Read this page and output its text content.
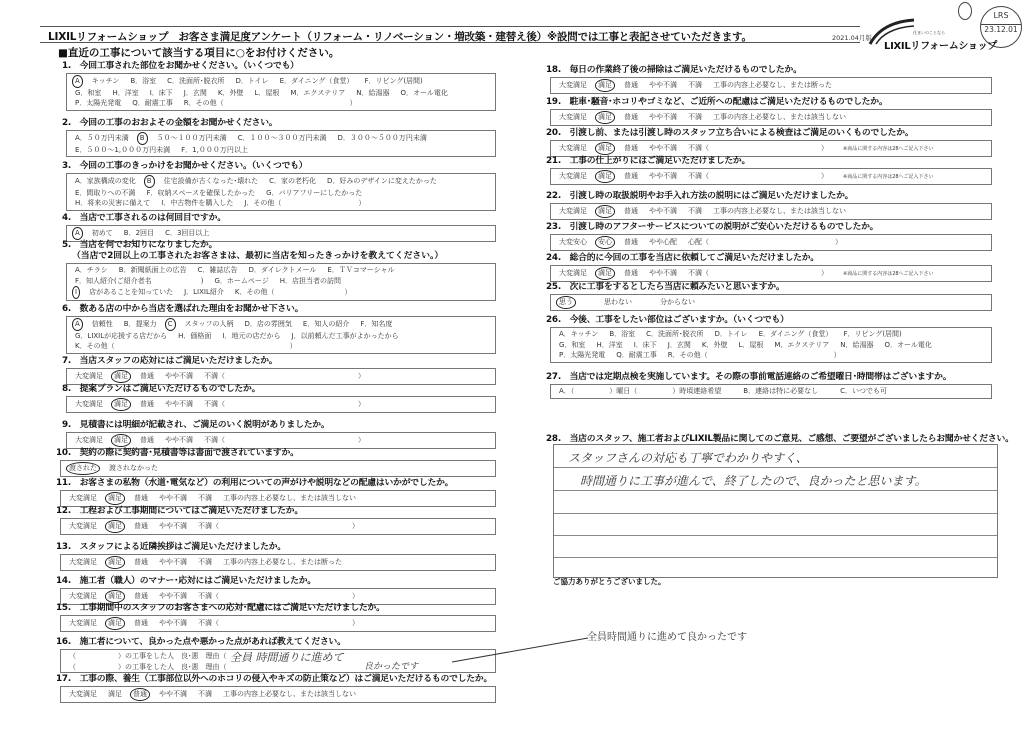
LIXILリフォームショップ　お客さま満足度アンケート（リフォーム・リノベーション・増改築・建替え後）※設問では工事と表記させていただきます。	2021.04月版
住まいのことなら
LIXILリフォームショップ
LRS
23.12.01
■直近の工事について該当する項目に○をお付けください。
1.　今回工事された部位をお聞かせください。（いくつでも）
A キッチン B．浴室 C．洗面所･脱衣所 D．トイレ E．ダイニング（食堂） F．リビング(居間)
G．和室 H．洋室 I．床下 J．玄関 K．外壁 L．屋根 M．エクステリア N．給湯器 O．オール電化
P．太陽光発電 Q．耐震工事 R．その他（　　　　　　　　　　　　　　　　　　）
2.　今回の工事のおおよその金額をお聞かせください。
A．５０万円未満 B ５０～１００万円未満 C．１００～３００万円未満 D．３００～５００万円未満
E．５００～1,０００万円未満 F．1,０００万円以上
3.　今回の工事のきっかけをお聞かせください。（いくつでも）
A．家族構成の変化 B 住宅設備が古くなった･壊れた C．家の老朽化 D．好みのデザインに変えたかった
E．間取りへの不満 F．収納スペースを確保したかった G．バリアフリーにしたかった
H．将来の災害に備えて I．中古物件を購入した J．その他（　　　　　　　　　　　）
4.　当店で工事されるのは何回目ですか。
A 初めて B．2回目 C．3回目以上
5.　当店を何でお知りになりましたか。
（当店で2回以上の工事されたお客さまは、最初に当店を知ったきっかけを教えてください。）
A．チラシ B．新聞紙面上の広告 C．雑誌広告 D．ダイレクトメール E．ＴＶコマーシャル
F．知人紹介(ご紹介者名　　　　　　　) G．ホームページ H．店担当者の訪問
I 店があることを知っていた J．LIXIL紹介 K．その他（　　　　　　　　　　）
6.　数ある店の中から当店を選ばれた理由をお聞かせ下さい。
A 信頼性 B．提案力 C スタッフの人柄 D．店の雰囲気 E．知人の紹介 F．知名度
G．LIXILが応援する店だから H．価格面 I．地元の店だから J．以前頼んだ工事がよかったから
K．その他（　　　　　　　　　　　　　　　　　　　　　　　　　）
7.　当店スタッフの応対にはご満足いただけましたか。
大変満足 満足 普通 やや不満 不満（　　　　　　　　　　　　　　　　　　　）
8.　提案プランはご満足いただけるものでしたか。
大変満足 満足 普通 やや不満 不満（　　　　　　　　　　　　　　　　　　　）
9.　見積書には明細が記載され、ご満足のいく説明がありましたか。
大変満足 満足 普通 やや不満 不満（　　　　　　　　　　　　　　　　　　　）
10.　契約の際に契約書･見積書等は書面で渡されていますか。
渡された 渡されなかった
11.　お客さまの私物（水道･電気など）の利用についての声がけや説明などの配慮はいかがでしたか。
大変満足 満足 普通 やや不満 不満 工事の内容上必要なし、または該当しない
12.　工程および工事期間についてはご満足いただけましたか。
大変満足 満足 普通 やや不満 不満（　　　　　　　　　　　　　　　　　　　）
13.　スタッフによる近隣挨拶はご満足いただけましたか。
大変満足 満足 普通 やや不満 不満 工事の内容上必要なし、または断った
14.　施工者（職人）のマナー･応対にはご満足いただけましたか。
大変満足 満足 普通 やや不満 不満（　　　　　　　　　　　　　　　　　　　）
15.　工事期間中のスタッフのお客さまへの応対･配慮にはご満足いただけましたか。
大変満足 満足 普通 やや不満 不満（　　　　　　　　　　　　　　　　　　　）
16.　施工者について、良かった点や悪かった点があれば教えてください。
（　　　　　　）の工事をした人　良･悪　理由（
（　　　　　　）の工事をした人　良･悪　理由（
全員 時間通りに進めて
良かったです
17.　工事の際、養生（工事部位以外へのホコリの侵入やキズの防止策など）はご満足いただけるものでしたか。
大変満足 満足 普通 やや不満 不満 工事の内容上必要なし、または該当しない
18.　毎日の作業終了後の掃除はご満足いただけるものでしたか。
大変満足 満足 普通 やや不満 不満 工事の内容上必要なし、または断った
19.　駐車･騒音･ホコリやゴミなど、ご近所への配慮はご満足いただけるものでしたか。
大変満足 満足 普通 やや不満 不満 工事の内容上必要なし、または該当しない
20.　引渡し前、または引渡し時のスタッフ立ち合いによる検査はご満足のいくものでしたか。
大変満足 満足 普通 やや不満 不満（　　　　　　　　　　　　　　　　）	※商品に関する内容は28へご記入下さい
21.　工事の仕上がりにはご満足いただけましたか。
大変満足 満足 普通 やや不満 不満（　　　　　　　　　　　　　　　　）	※商品に関する内容は28へご記入下さい
22.　引渡し時の取扱説明やお手入れ方法の説明にはご満足いただけましたか。
大変満足 満足 普通 やや不満 不満 工事の内容上必要なし、または該当しない
23.　引渡し時のアフターサービスについての説明がご安心いただけるものでしたか。
大変安心 安心 普通 やや心配 心配（　　　　　　　　　　　　　　　　　　）
24.　総合的に今回の工事を当店に依頼してご満足いただけましたか。
大変満足 満足 普通 やや不満 不満（　　　　　　　　　　　　　　　　）	※商品に関する内容は28へご記入下さい
25.　次に工事をするとしたら当店に頼みたいと思いますか。
思う	思わない	分からない
26.　今後、工事をしたい部位はございますか。（いくつでも）
A．キッチン B．浴室 C．洗面所･脱衣所 D．トイレ E．ダイニング（食堂） F．リビング(居間)
G．和室 H．洋室 I．床下 J．玄関 K．外壁 L．屋根 M．エクステリア N．給湯器 O．オール電化
P．太陽光発電 Q．耐震工事 R．その他（　　　　　　　　　　　　　　　　　　）
27.　当店では定期点検を実施しています。その際の事前電話連絡のご希望曜日･時間帯はございますか。
A．（　　　　　）曜日（　　　　　）時頃連絡希望	B．連絡は特に必要なし	C．いつでも可
28.　当店のスタッフ、施工者およびLIXIL製品に関してのご意見、ご感想、ご要望がございましたらお聞かせください。
スタッフさんの対応も丁寧でわかりやすく、
時間通りに工事が進んで、終了したので、良かったと思います。
ご協力ありがとうございました。
全員時間通りに進めて良かったです
